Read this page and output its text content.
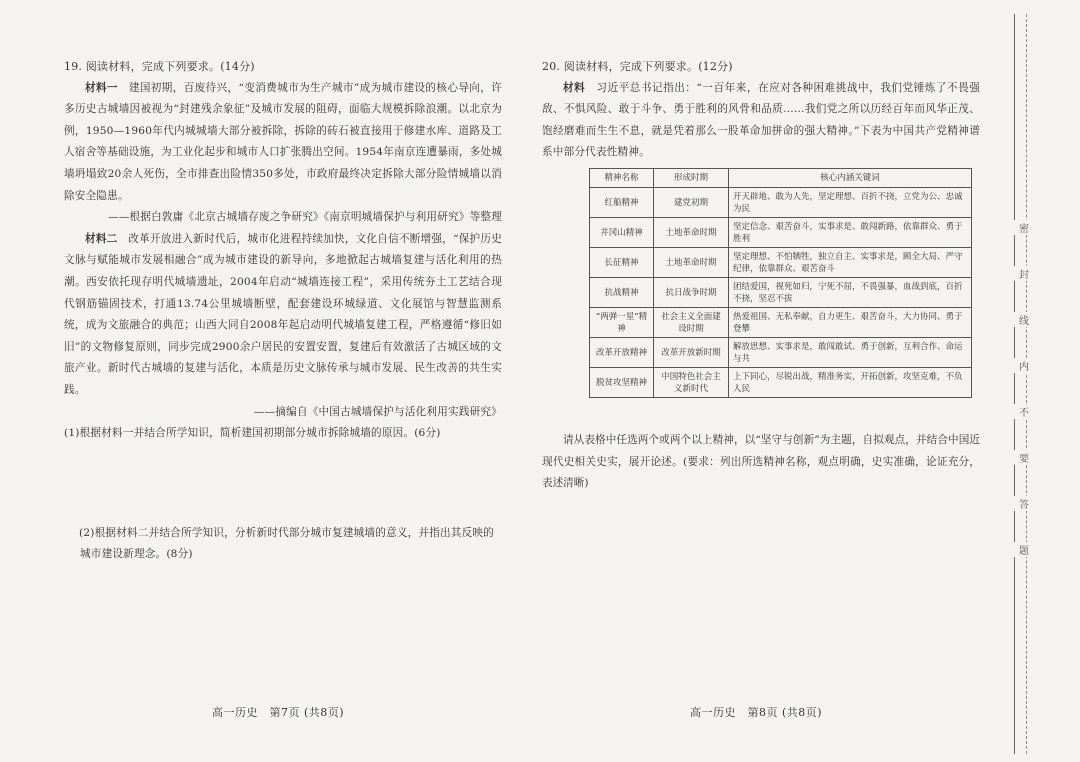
19. 阅读材料，完成下列要求。(14分)
材料一　建国初期，百废待兴，“变消费城市为生产城市”成为城市建设的核心导向，许多历史古城墙因被视为“封建残余象征”及城市发展的阻碍，面临大规模拆除浪潮。以北京为例，1950—1960年代内城城墙大部分被拆除，拆除的砖石被直接用于修建水库、道路及工人宿舍等基础设施，为工业化起步和城市人口扩张腾出空间。1954年南京连遭暴雨，多处城墙坍塌致20余人死伤，全市排查出险情350多处，市政府最终决定拆除大部分险情城墙以消除安全隐患。
——根据白敦庸《北京古城墙存废之争研究》《南京明城墙保护与利用研究》等整理
材料二　改革开放进入新时代后，城市化进程持续加快，文化自信不断增强，“保护历史文脉与赋能城市发展相融合”成为城市建设的新导向，多地掀起古城墙复建与活化利用的热潮。西安依托现存明代城墙遗址，2004年启动“城墙连接工程”，采用传统夯土工艺结合现代钢筋锚固技术，打通13.74公里城墙断壁，配套建设环城绿道、文化展馆与智慧监测系统，成为文旅融合的典范；山西大同自2008年起启动明代城墙复建工程，严格遵循“修旧如旧”的文物修复原则，同步完成2900余户居民的安置安置，复建后有效激活了古城区域的文旅产业。新时代古城墙的复建与活化，本质是历史文脉传承与城市发展、民生改善的共生实践。
——摘编自《中国古城墙保护与活化利用实践研究》
(1)根据材料一并结合所学知识，简析建国初期部分城市拆除城墙的原因。(6分)
(2)根据材料二并结合所学知识，分析新时代部分城市复建城墙的意义，并指出其反映的城市建设新理念。(8分)
20. 阅读材料，完成下列要求。(12分)
材料　习近平总书记指出：“一百年来，在应对各种困难挑战中，我们党锤炼了不畏强敌、不惧风险、敢于斗争、勇于胜利的风骨和品质……我们党之所以历经百年而风华正茂、饱经磨难而生生不息，就是凭着那么一股革命加拼命的强大精神。”下表为中国共产党精神谱系中部分代表性精神。
精神名称	形成时期	核心内涵关键词
红船精神	建党初期	开天辟地、敢为人先，坚定理想、百折不挠，立党为公、忠诚为民
井冈山精神	土地革命时期	坚定信念、艰苦奋斗，实事求是、敢闯新路，依靠群众、勇于胜利
长征精神	土地革命时期	坚定理想、不怕牺牲，独立自主、实事求是，顾全大局、严守纪律，依靠群众、艰苦奋斗
抗战精神	抗日战争时期	团结爱国，视死如归，宁死不屈，不畏强暴，血战到底，百折不挠，坚忍不拔
“两弹一星”精神	社会主义全面建设时期	热爱祖国、无私奉献，自力更生、艰苦奋斗，大力协同、勇于登攀
改革开放精神	改革开放新时期	解放思想、实事求是，敢闯敢试、勇于创新，互利合作、命运与共
脱贫攻坚精神	中国特色社会主义新时代	上下同心，尽锐出战，精准务实，开拓创新，攻坚克难，不负人民
请从表格中任选两个或两个以上精神，以“坚守与创新”为主题，自拟观点，并结合中国近现代史相关史实，展开论述。(要求：列出所选精神名称，观点明确，史实准确，论证充分，表述清晰)
高一历史　第7页 (共8页)	高一历史　第8页 (共8页)
密
封
线
内
不
要
答
题
